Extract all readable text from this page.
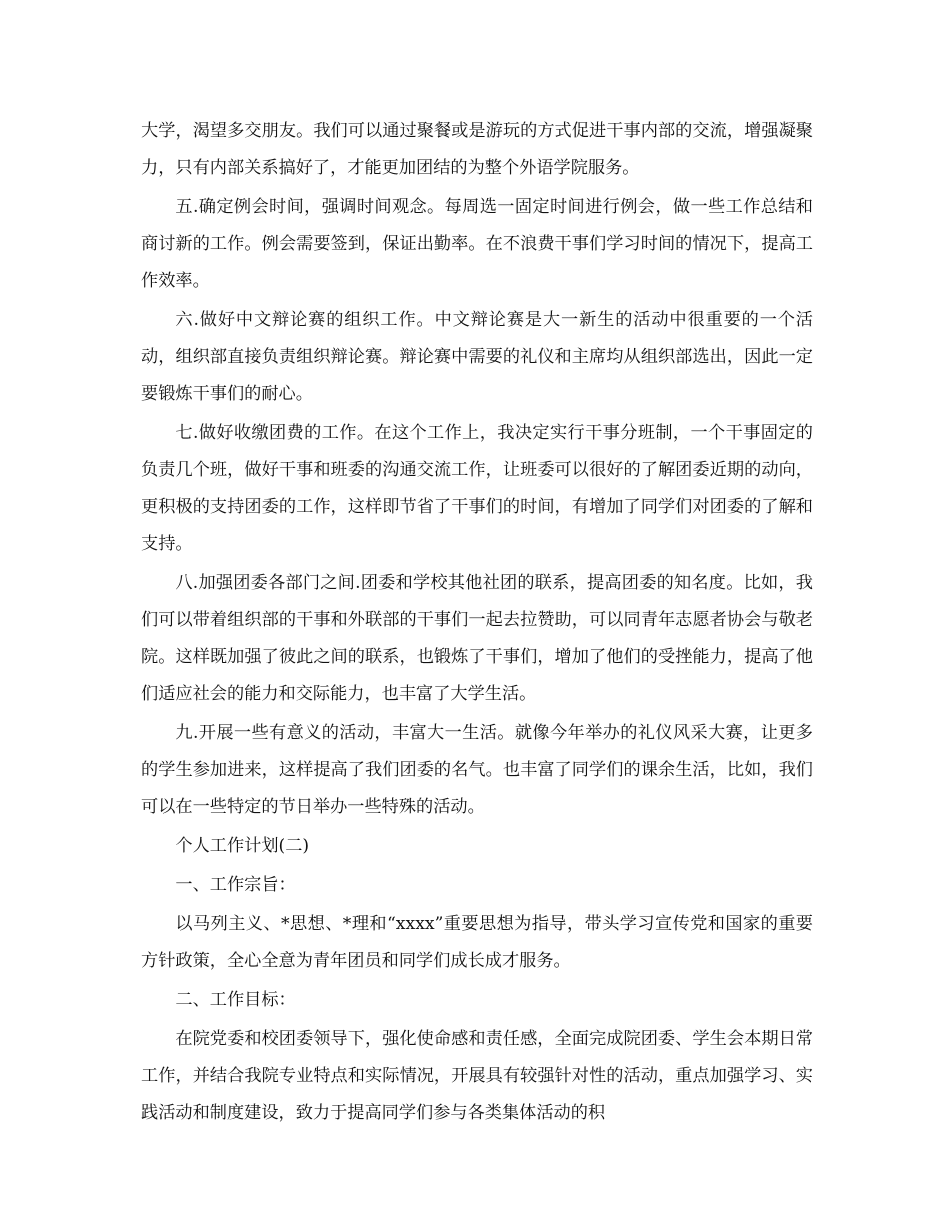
大学，渴望多交朋友。我们可以通过聚餐或是游玩的方式促进干事内部的交流，增强凝聚力，只有内部关系搞好了，才能更加团结的为整个外语学院服务。

五.确定例会时间，强调时间观念。每周选一固定时间进行例会，做一些工作总结和商讨新的工作。例会需要签到，保证出勤率。在不浪费干事们学习时间的情况下，提高工作效率。

六.做好中文辩论赛的组织工作。中文辩论赛是大一新生的活动中很重要的一个活动，组织部直接负责组织辩论赛。辩论赛中需要的礼仪和主席均从组织部选出，因此一定要锻炼干事们的耐心。

七.做好收缴团费的工作。在这个工作上，我决定实行干事分班制，一个干事固定的负责几个班，做好干事和班委的沟通交流工作，让班委可以很好的了解团委近期的动向，更积极的支持团委的工作，这样即节省了干事们的时间，有增加了同学们对团委的了解和支持。

八.加强团委各部门之间.团委和学校其他社团的联系，提高团委的知名度。比如，我们可以带着组织部的干事和外联部的干事们一起去拉赞助，可以同青年志愿者协会与敬老院。这样既加强了彼此之间的联系，也锻炼了干事们，增加了他们的受挫能力，提高了他们适应社会的能力和交际能力，也丰富了大学生活。

九.开展一些有意义的活动，丰富大一生活。就像今年举办的礼仪风采大赛，让更多的学生参加进来，这样提高了我们团委的名气。也丰富了同学们的课余生活，比如，我们可以在一些特定的节日举办一些特殊的活动。

个人工作计划(二)

一、工作宗旨：

以马列主义、*思想、*理和“xxxx”重要思想为指导，带头学习宣传党和国家的重要方针政策，全心全意为青年团员和同学们成长成才服务。

二、工作目标：

在院党委和校团委领导下，强化使命感和责任感，全面完成院团委、学生会本期日常工作，并结合我院专业特点和实际情况，开展具有较强针对性的活动，重点加强学习、实践活动和制度建设，致力于提高同学们参与各类集体活动的积
